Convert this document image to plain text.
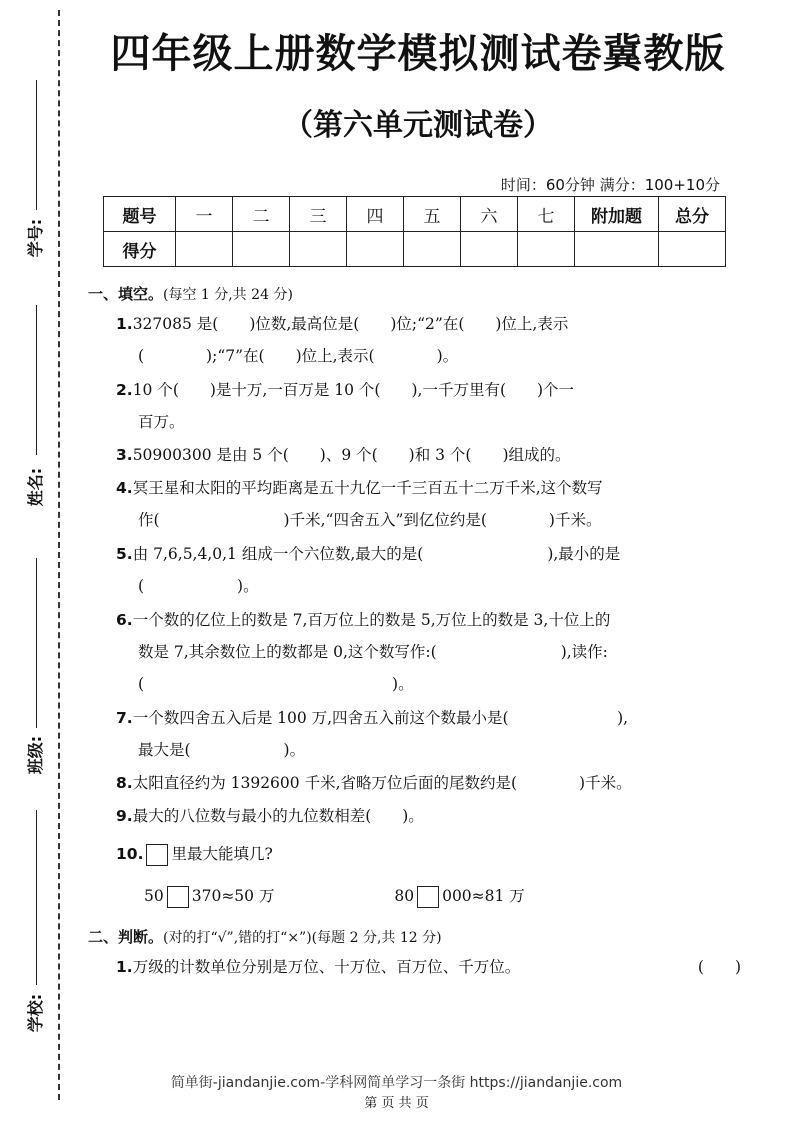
学号:
姓名:
班级:
学校:
四年级上册数学模拟测试卷冀教版
（第六单元测试卷）
时间：60分钟 满分：100+10分
题号	一	二	三	四	五	六	七	附加题	总分
得分									
一、填空。(每空 1 分,共 24 分)
1.327085 是(　　)位数,最高位是(　　)位;“2”在(　　)位上,表示
(　　　　);“7”在(　　)位上,表示(　　　　)。
2.10 个(　　)是十万,一百万是 10 个(　　),一千万里有(　　)个一
百万。
3.50900300 是由 5 个(　　)、9 个(　　)和 3 个(　　)组成的。
4.冥王星和太阳的平均距离是五十九亿一千三百五十二万千米,这个数写
作(　　　　　　　　)千米,“四舍五入”到亿位约是(　　　　)千米。
5.由 7,6,5,4,0,1 组成一个六位数,最大的是(　　　　　　　　),最小的是
(　　　　　　)。
6.一个数的亿位上的数是 7,百万位上的数是 5,万位上的数是 3,十位上的
数是 7,其余数位上的数都是 0,这个数写作:(　　　　　　　　),读作:
(　　　　　　　　　　　　　　　　)。
7.一个数四舍五入后是 100 万,四舍五入前这个数最小是(　　　　　　　),
最大是(　　　　　　)。
8.太阳直径约为 1392600 千米,省略万位后面的尾数约是(　　　　)千米。
9.最大的八位数与最小的九位数相差(　　)。
10. 里最大能填几?
50 370≈50 万	80 000≈81 万
二、判断。(对的打“√”,错的打“×”)(每题 2 分,共 12 分)
1.万级的计数单位分别是万位、十万位、百万位、千万位。	(　　)
简单街-jiandanjie.com-学科网简单学习一条街 https://jiandanjie.com
第 页 共 页
